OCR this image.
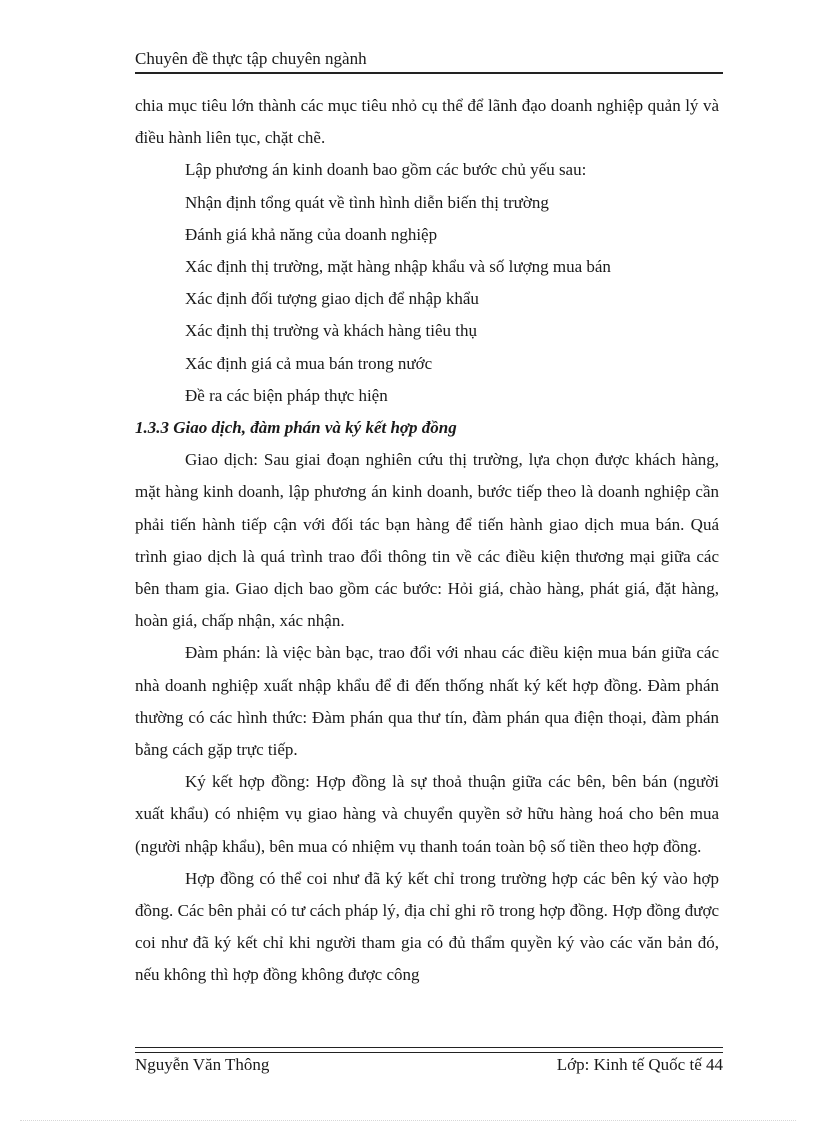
Chuyên đề thực tập chuyên ngành

chia mục tiêu lớn thành các mục tiêu nhỏ cụ thể để lãnh đạo doanh nghiệp quản lý và điều hành liên tục, chặt chẽ.

Lập phương án kinh doanh bao gồm các bước chủ yếu sau:

Nhận định tổng quát về tình hình diễn biến thị trường

Đánh giá khả năng của doanh nghiệp

Xác định thị trường, mặt hàng nhập khẩu và số lượng mua bán

Xác định đối tượng giao dịch để nhập khẩu

Xác định thị trường và khách hàng tiêu thụ

Xác định giá cả mua bán trong nước

Đề ra các biện pháp thực hiện

1.3.3 Giao dịch, đàm phán và ký kết hợp đồng

Giao dịch: Sau giai đoạn nghiên cứu thị trường, lựa chọn được khách hàng, mặt hàng kinh doanh, lập phương án kinh doanh, bước tiếp theo là doanh nghiệp cần phải tiến hành tiếp cận với đối tác bạn hàng để tiến hành giao dịch mua bán. Quá trình giao dịch là quá trình trao đổi thông tin về các điều kiện thương mại giữa các bên tham gia. Giao dịch bao gồm các bước: Hỏi giá, chào hàng, phát giá, đặt hàng, hoàn giá, chấp nhận, xác nhận.

Đàm phán: là việc bàn bạc, trao đổi với nhau các điều kiện mua bán giữa các nhà doanh nghiệp xuất nhập khẩu để đi đến thống nhất ký kết hợp đồng. Đàm phán thường có các hình thức: Đàm phán qua thư tín, đàm phán qua điện thoại, đàm phán bằng cách gặp trực tiếp.

Ký kết hợp đồng: Hợp đồng là sự thoả thuận giữa các bên, bên bán (người xuất khẩu) có nhiệm vụ giao hàng và chuyển quyền sở hữu hàng hoá cho bên mua (người nhập khẩu), bên mua có nhiệm vụ thanh toán toàn bộ số tiền theo hợp đồng.

Hợp đồng có thể coi như đã ký kết chỉ trong trường hợp các bên ký vào hợp đồng. Các bên phải có tư cách pháp lý, địa chỉ ghi rõ trong hợp đồng. Hợp đồng được coi như đã ký kết chỉ khi người tham gia có đủ thẩm quyền ký vào các văn bản đó, nếu không thì hợp đồng không được công

Nguyễn Văn Thông	Lớp: Kinh tế Quốc tế 44
